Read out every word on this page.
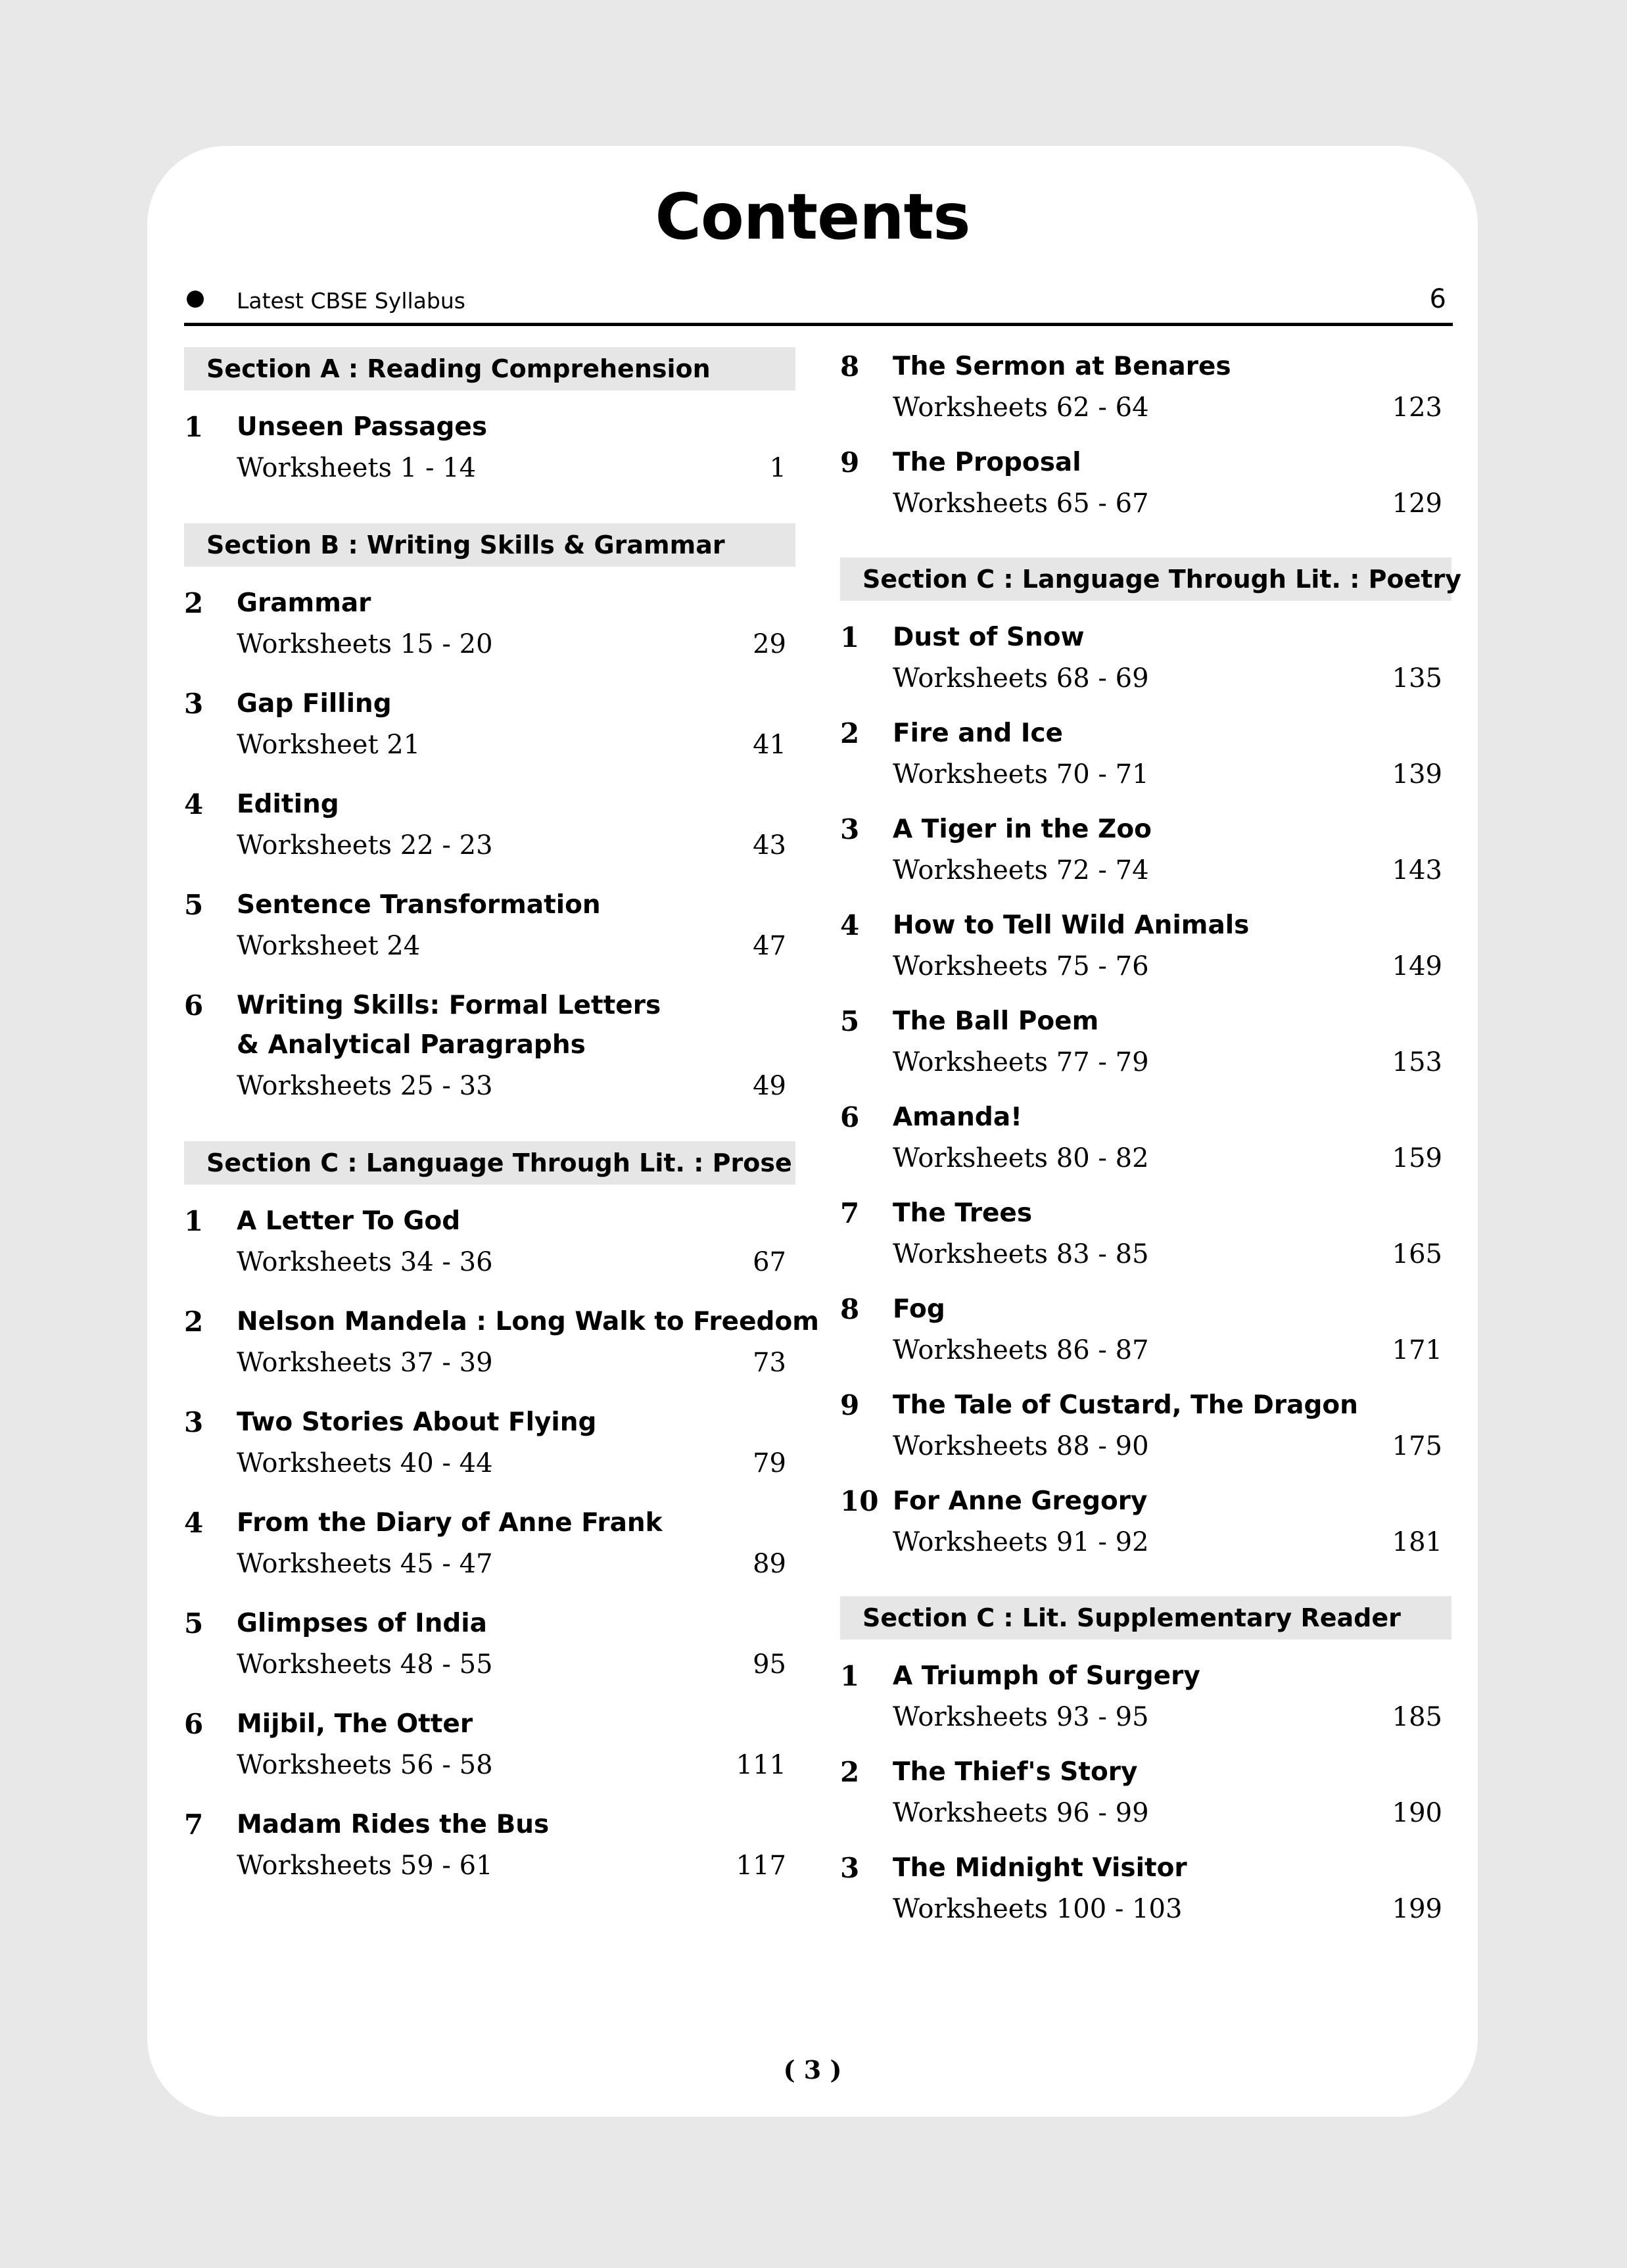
Contents
Latest CBSE Syllabus	6
Section A : Reading Comprehension
1 Unseen Passages
Worksheets 1 - 14	1
Section B : Writing Skills & Grammar
2 Grammar
Worksheets 15 - 20	29
3 Gap Filling
Worksheet 21	41
4 Editing
Worksheets 22 - 23	43
5 Sentence Transformation
Worksheet 24	47
6 Writing Skills: Formal Letters
& Analytical Paragraphs
Worksheets 25 - 33	49
Section C : Language Through Lit. : Prose
1 A Letter To God
Worksheets 34 - 36	67
2 Nelson Mandela : Long Walk to Freedom
Worksheets 37 - 39	73
3 Two Stories About Flying
Worksheets 40 - 44	79
4 From the Diary of Anne Frank
Worksheets 45 - 47	89
5 Glimpses of India
Worksheets 48 - 55	95
6 Mijbil, The Otter
Worksheets 56 - 58	111
7 Madam Rides the Bus
Worksheets 59 - 61	117
8 The Sermon at Benares
Worksheets 62 - 64	123
9 The Proposal
Worksheets 65 - 67	129
Section C : Language Through Lit. : Poetry
1 Dust of Snow
Worksheets 68 - 69	135
2 Fire and Ice
Worksheets 70 - 71	139
3 A Tiger in the Zoo
Worksheets 72 - 74	143
4 How to Tell Wild Animals
Worksheets 75 - 76	149
5 The Ball Poem
Worksheets 77 - 79	153
6 Amanda!
Worksheets 80 - 82	159
7 The Trees
Worksheets 83 - 85	165
8 Fog
Worksheets 86 - 87	171
9 The Tale of Custard, The Dragon
Worksheets 88 - 90	175
10 For Anne Gregory
Worksheets 91 - 92	181
Section C : Lit. Supplementary Reader
1 A Triumph of Surgery
Worksheets 93 - 95	185
2 The Thief's Story
Worksheets 96 - 99	190
3 The Midnight Visitor
Worksheets 100 - 103	199
( 3 )
